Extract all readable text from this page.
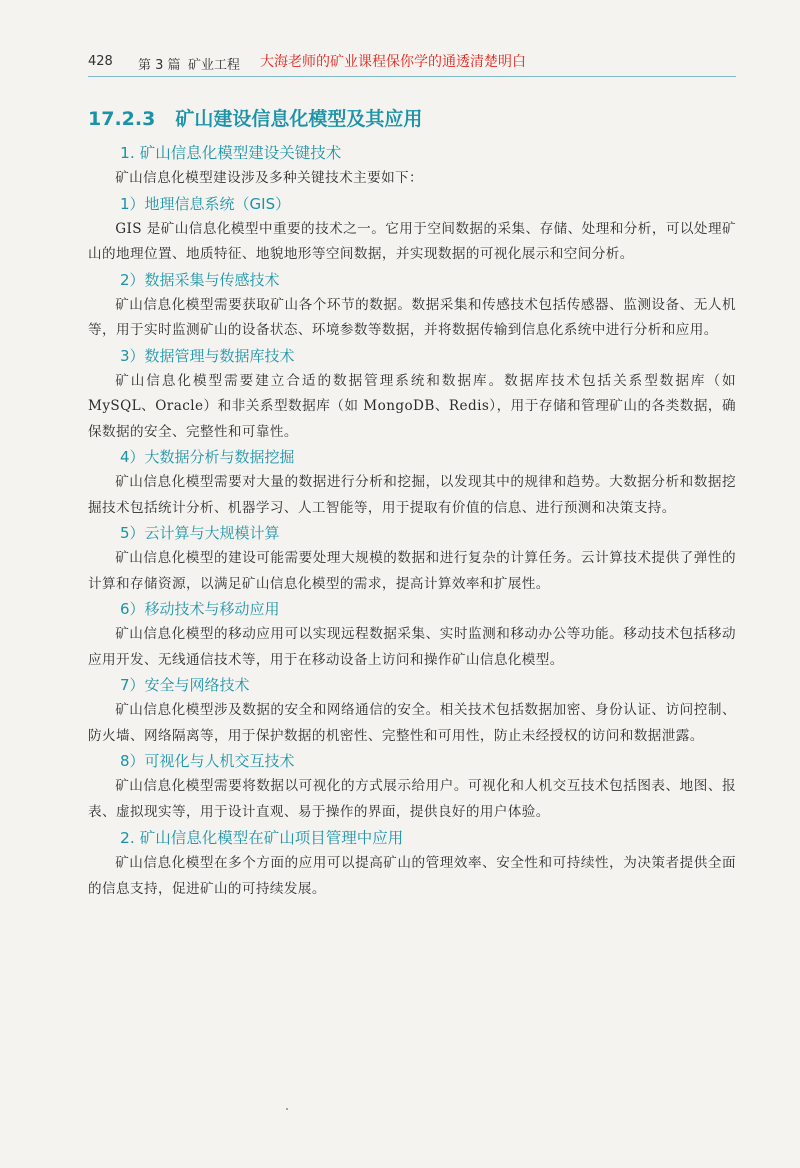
428 第 3 篇 矿业工程 大海老师的矿业课程保你学的通透清楚明白
17.2.3 矿山建设信息化模型及其应用
1. 矿山信息化模型建设关键技术

矿山信息化模型建设涉及多种关键技术主要如下：

1）地理信息系统（GIS）

GIS 是矿山信息化模型中重要的技术之一。它用于空间数据的采集、存储、处理和分析，可以处理矿山的地理位置、地质特征、地貌地形等空间数据，并实现数据的可视化展示和空间分析。

2）数据采集与传感技术

矿山信息化模型需要获取矿山各个环节的数据。数据采集和传感技术包括传感器、监测设备、无人机等，用于实时监测矿山的设备状态、环境参数等数据，并将数据传输到信息化系统中进行分析和应用。

3）数据管理与数据库技术

矿山信息化模型需要建立合适的数据管理系统和数据库。数据库技术包括关系型数据库（如 MySQL、Oracle）和非关系型数据库（如 MongoDB、Redis），用于存储和管理矿山的各类数据，确保数据的安全、完整性和可靠性。

4）大数据分析与数据挖掘

矿山信息化模型需要对大量的数据进行分析和挖掘，以发现其中的规律和趋势。大数据分析和数据挖掘技术包括统计分析、机器学习、人工智能等，用于提取有价值的信息、进行预测和决策支持。

5）云计算与大规模计算

矿山信息化模型的建设可能需要处理大规模的数据和进行复杂的计算任务。云计算技术提供了弹性的计算和存储资源，以满足矿山信息化模型的需求，提高计算效率和扩展性。

6）移动技术与移动应用

矿山信息化模型的移动应用可以实现远程数据采集、实时监测和移动办公等功能。移动技术包括移动应用开发、无线通信技术等，用于在移动设备上访问和操作矿山信息化模型。

7）安全与网络技术

矿山信息化模型涉及数据的安全和网络通信的安全。相关技术包括数据加密、身份认证、访问控制、防火墙、网络隔离等，用于保护数据的机密性、完整性和可用性，防止未经授权的访问和数据泄露。

8）可视化与人机交互技术

矿山信息化模型需要将数据以可视化的方式展示给用户。可视化和人机交互技术包括图表、地图、报表、虚拟现实等，用于设计直观、易于操作的界面，提供良好的用户体验。

2. 矿山信息化模型在矿山项目管理中应用

矿山信息化模型在多个方面的应用可以提高矿山的管理效率、安全性和可持续性，为决策者提供全面的信息支持，促进矿山的可持续发展。
